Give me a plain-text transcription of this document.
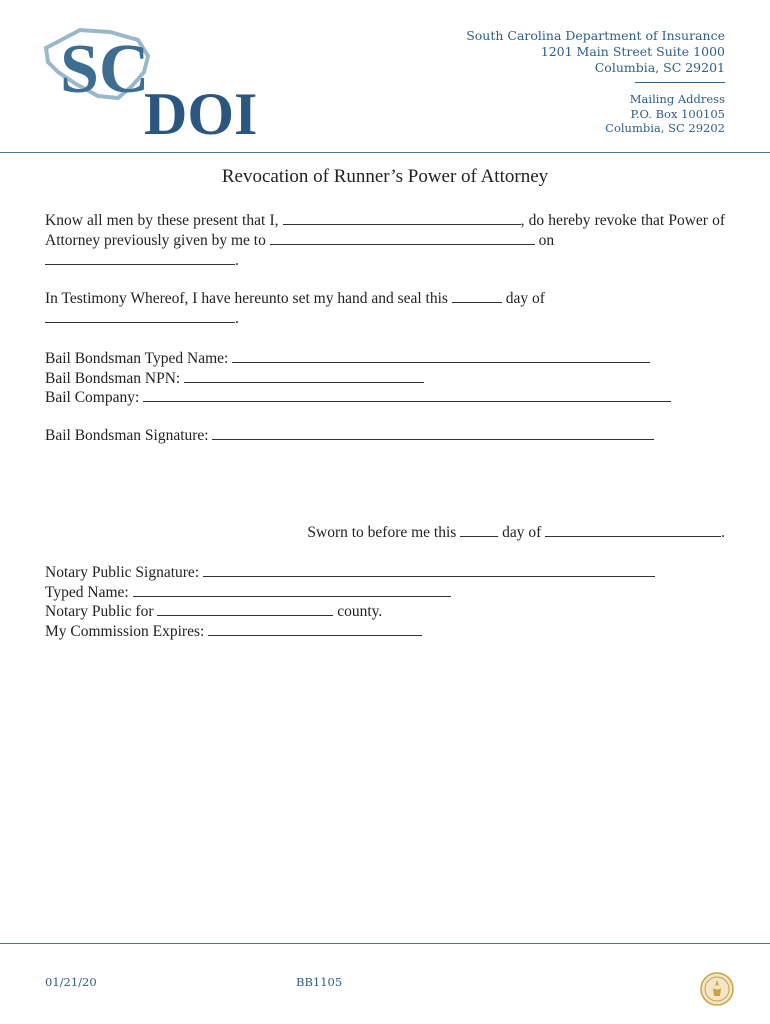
SC
DOI
South Carolina Department of Insurance
1201 Main Street Suite 1000
Columbia, SC 29201
Mailing Address
P.O. Box 100105
Columbia, SC 29202
Revocation of Runner’s Power of Attorney
Know all men by these present that I,	, do hereby revoke that Power of Attorney previously given by me to	on
.
In Testimony Whereof, I have hereunto set my hand and seal this	day of
.
Bail Bondsman Typed Name:
Bail Bondsman NPN:
Bail Company:
Bail Bondsman Signature:
Sworn to before me this	day of	.
Notary Public Signature:
Typed Name:
Notary Public for	county.
My Commission Expires:
01/21/20	BB1105
